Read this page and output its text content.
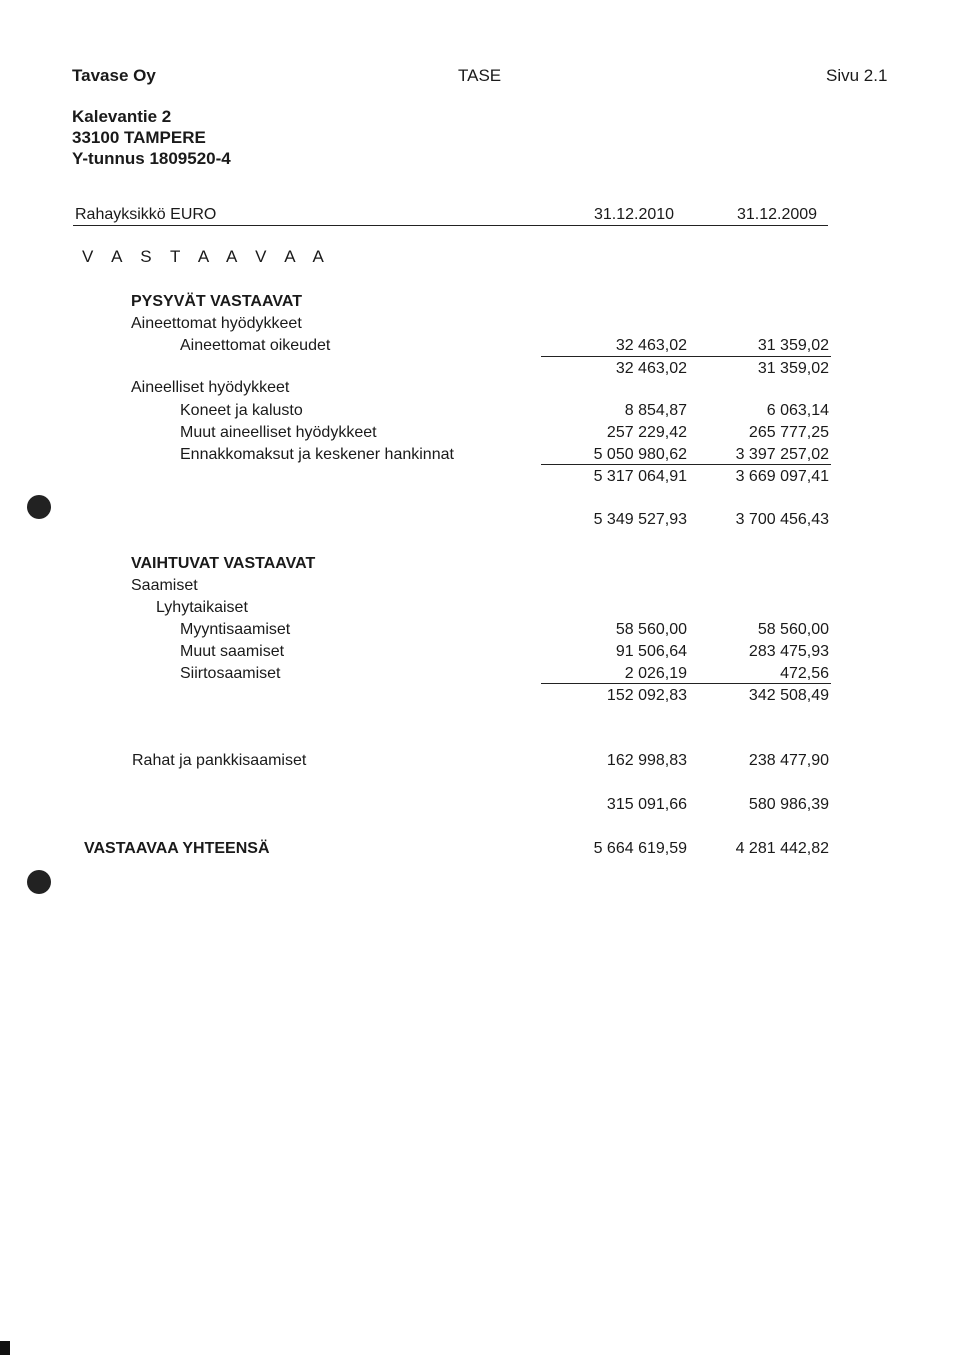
Tavase Oy	TASE	Sivu 2.1
Kalevantie 2
33100 TAMPERE
Y-tunnus 1809520-4
Rahayksikkö EURO	31.12.2010	31.12.2009
V A S T A A V A A
PYSYVÄT VASTAAVAT
Aineettomat hyödykkeet
Aineettomat oikeudet	32 463,02	31 359,02
32 463,02	31 359,02
Aineelliset hyödykkeet
Koneet ja kalusto	8 854,87	6 063,14
Muut aineelliset hyödykkeet	257 229,42	265 777,25
Ennakkomaksut ja keskener hankinnat	5 050 980,62	3 397 257,02
5 317 064,91	3 669 097,41
5 349 527,93	3 700 456,43
VAIHTUVAT VASTAAVAT
Saamiset
Lyhytaikaiset
Myyntisaamiset	58 560,00	58 560,00
Muut saamiset	91 506,64	283 475,93
Siirtosaamiset	2 026,19	472,56
152 092,83	342 508,49
Rahat ja pankkisaamiset	162 998,83	238 477,90
315 091,66	580 986,39
VASTAAVAA YHTEENSÄ	5 664 619,59	4 281 442,82
